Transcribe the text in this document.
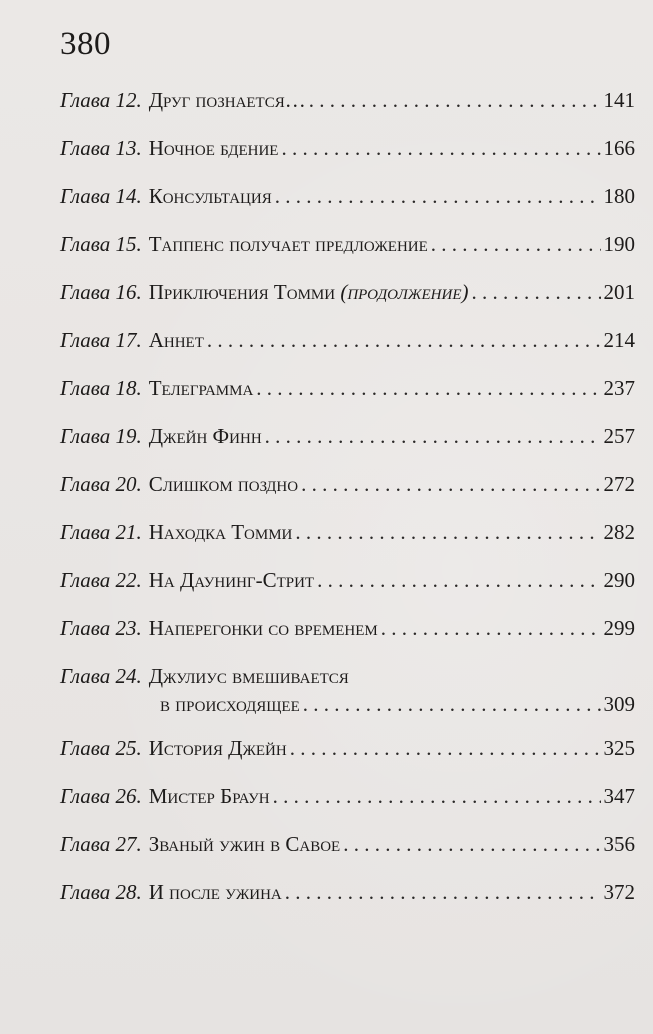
380
Глава 12. Друг познается… . . .	141
Глава 13. Ночное бдение . . .	166
Глава 14. Консультация . . .	180
Глава 15. Таппенс получает предложение . . .	190
Глава 16. Приключения Томми (продолжение) . . .	201
Глава 17. Аннет . . .	214
Глава 18. Телеграмма . . .	237
Глава 19. Джейн Финн . . .	257
Глава 20. Слишком поздно . . .	272
Глава 21. Находка Томми . . .	282
Глава 22. На Даунинг-Стрит . . .	290
Глава 23. Наперегонки со временем . . .	299
Глава 24. Джулиус вмешивается
в происходящее . . .	309
Глава 25. История Джейн . . .	325
Глава 26. Мистер Браун . . .	347
Глава 27. Званый ужин в Савое . . .	356
Глава 28. И после ужина . . .	372
